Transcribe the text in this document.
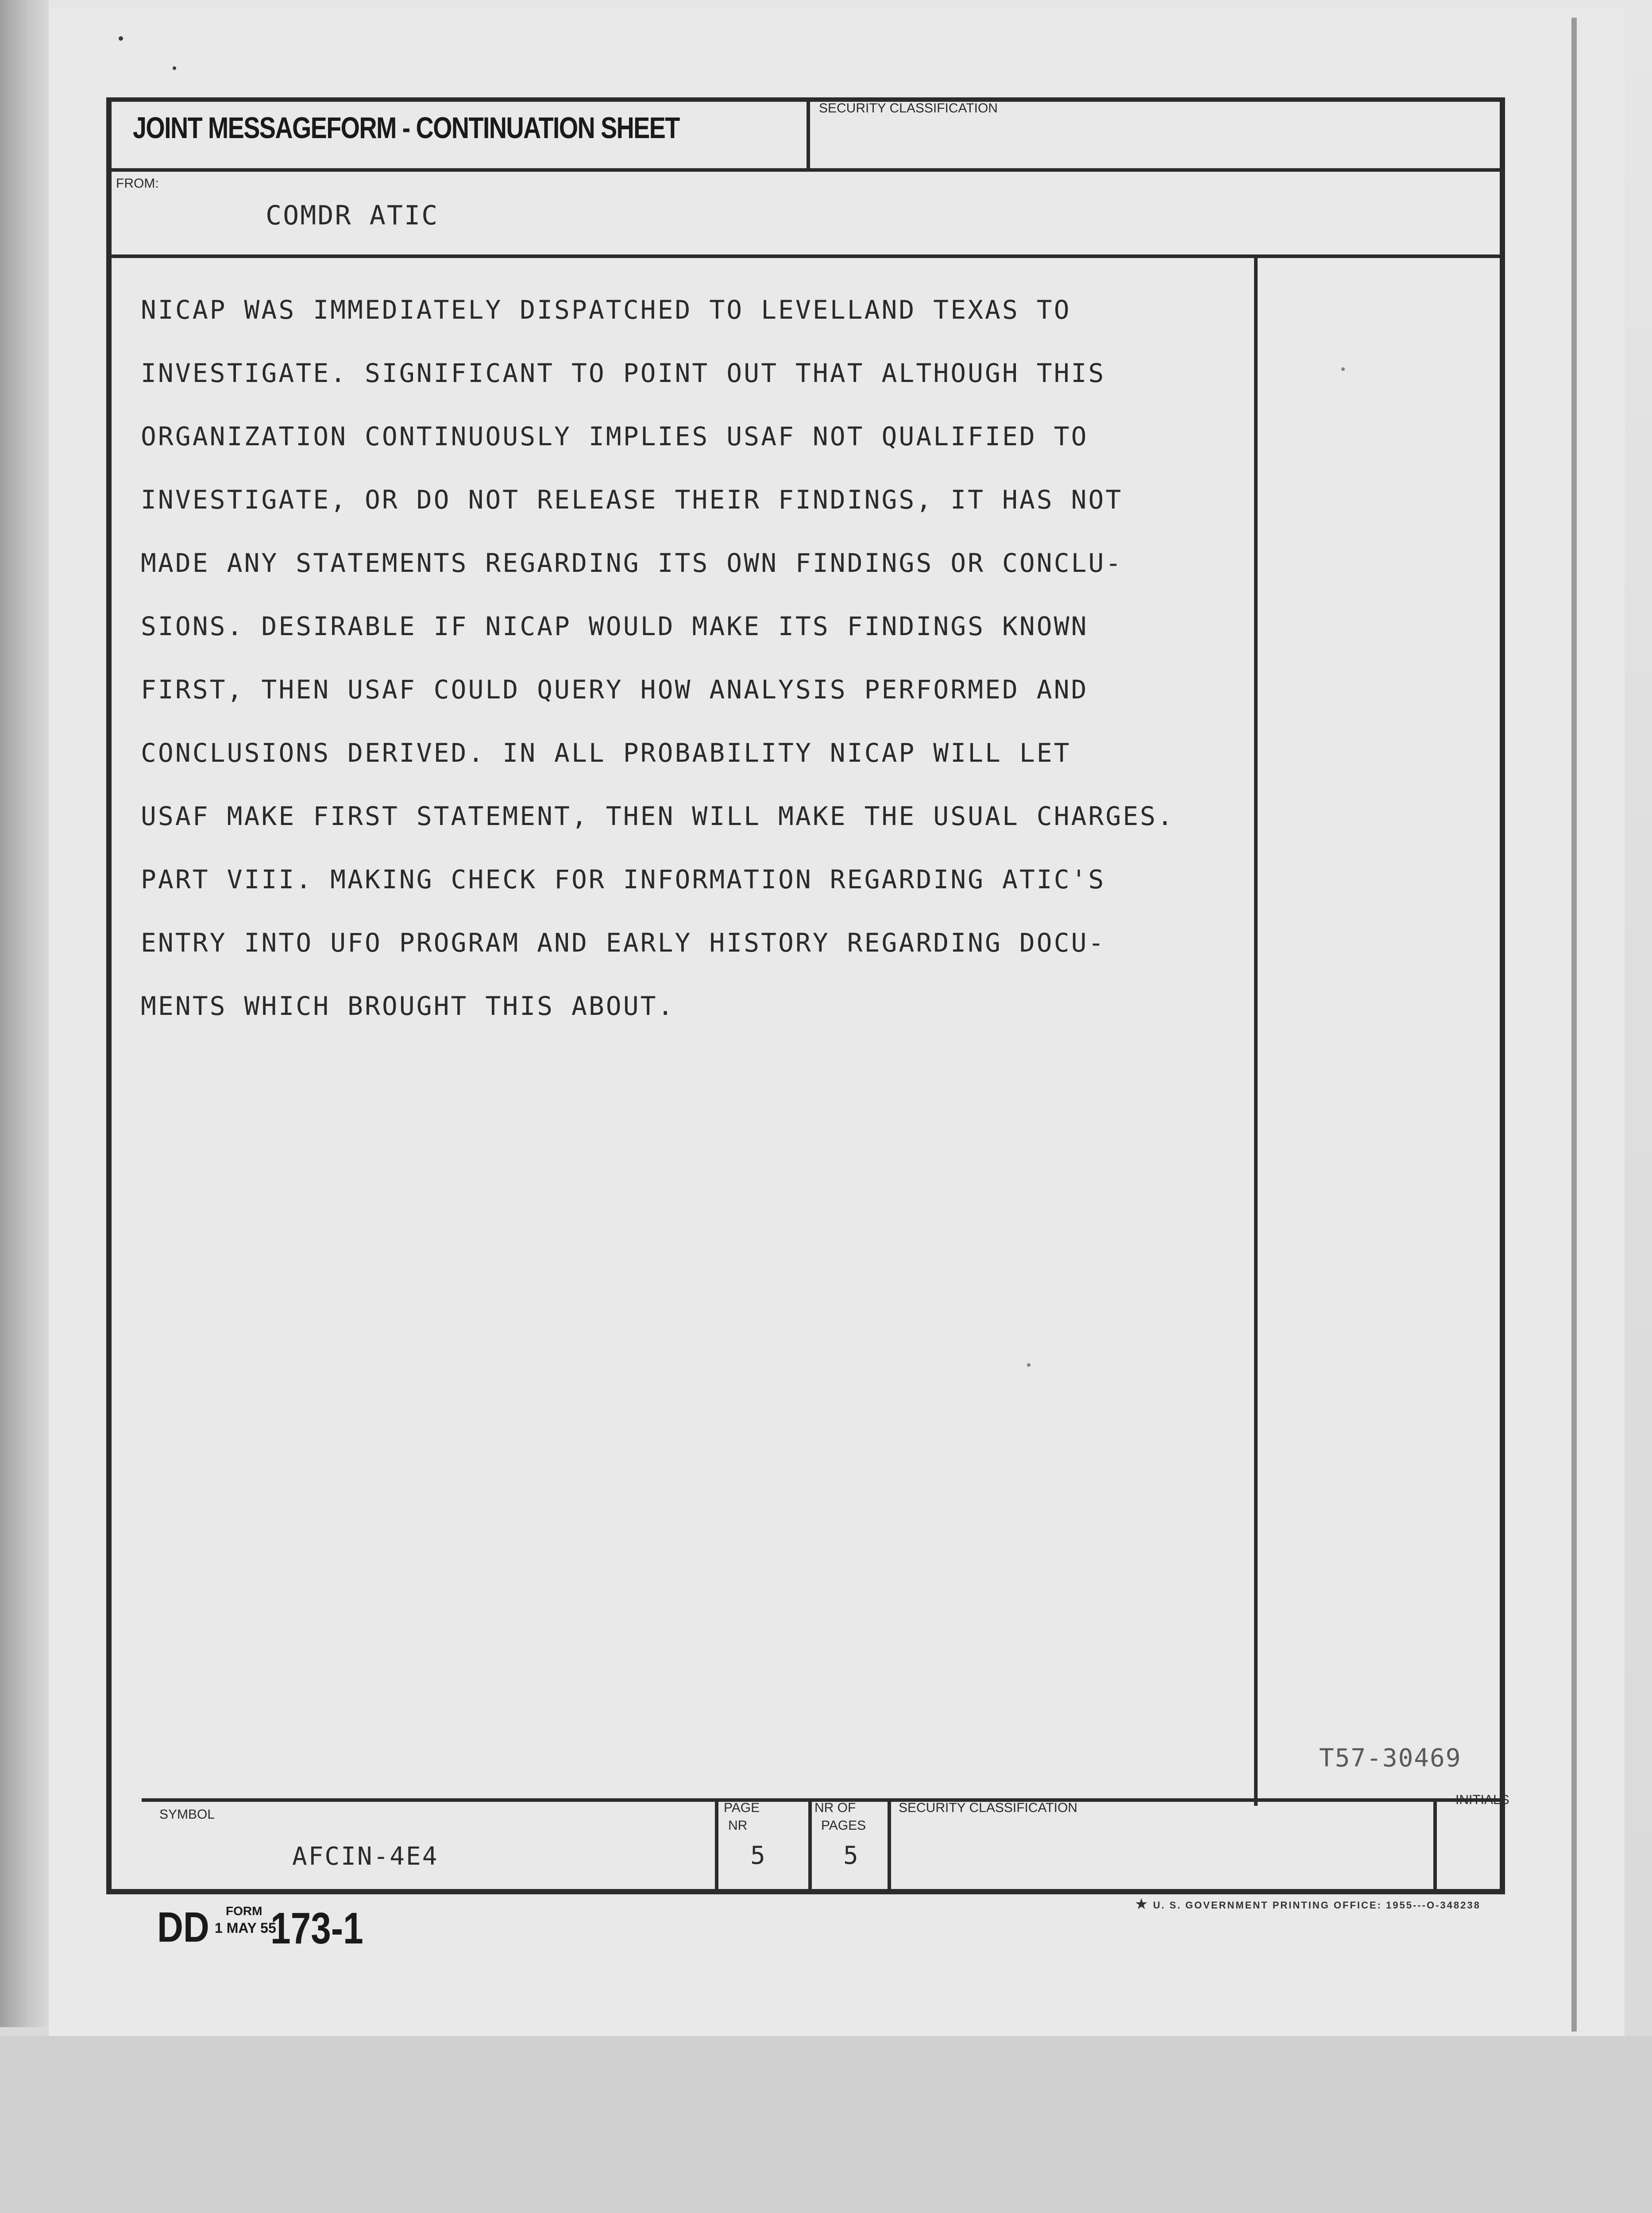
JOINT MESSAGEFORM - CONTINUATION SHEET
SECURITY CLASSIFICATION
FROM:
COMDR ATIC
NICAP WAS IMMEDIATELY DISPATCHED TO LEVELLAND TEXAS TO
INVESTIGATE. SIGNIFICANT TO POINT OUT THAT ALTHOUGH THIS
ORGANIZATION CONTINUOUSLY IMPLIES USAF NOT QUALIFIED TO
INVESTIGATE, OR DO NOT RELEASE THEIR FINDINGS, IT HAS NOT
MADE ANY STATEMENTS REGARDING ITS OWN FINDINGS OR CONCLU-
SIONS. DESIRABLE IF NICAP WOULD MAKE ITS FINDINGS KNOWN
FIRST, THEN USAF COULD QUERY HOW ANALYSIS PERFORMED AND
CONCLUSIONS DERIVED. IN ALL PROBABILITY NICAP WILL LET
USAF MAKE FIRST STATEMENT, THEN WILL MAKE THE USUAL CHARGES.
PART VIII. MAKING CHECK FOR INFORMATION REGARDING ATIC'S
ENTRY INTO UFO PROGRAM AND EARLY HISTORY REGARDING DOCU-
MENTS WHICH BROUGHT THIS ABOUT.
T57-30469
SYMBOL
AFCIN-4E4
PAGE
NR
5
NR OF
PAGES
5
SECURITY CLASSIFICATION
INITIALS
DD FORM
1 MAY 55
173-1	★ U. S. GOVERNMENT PRINTING OFFICE: 1955---O-348238
